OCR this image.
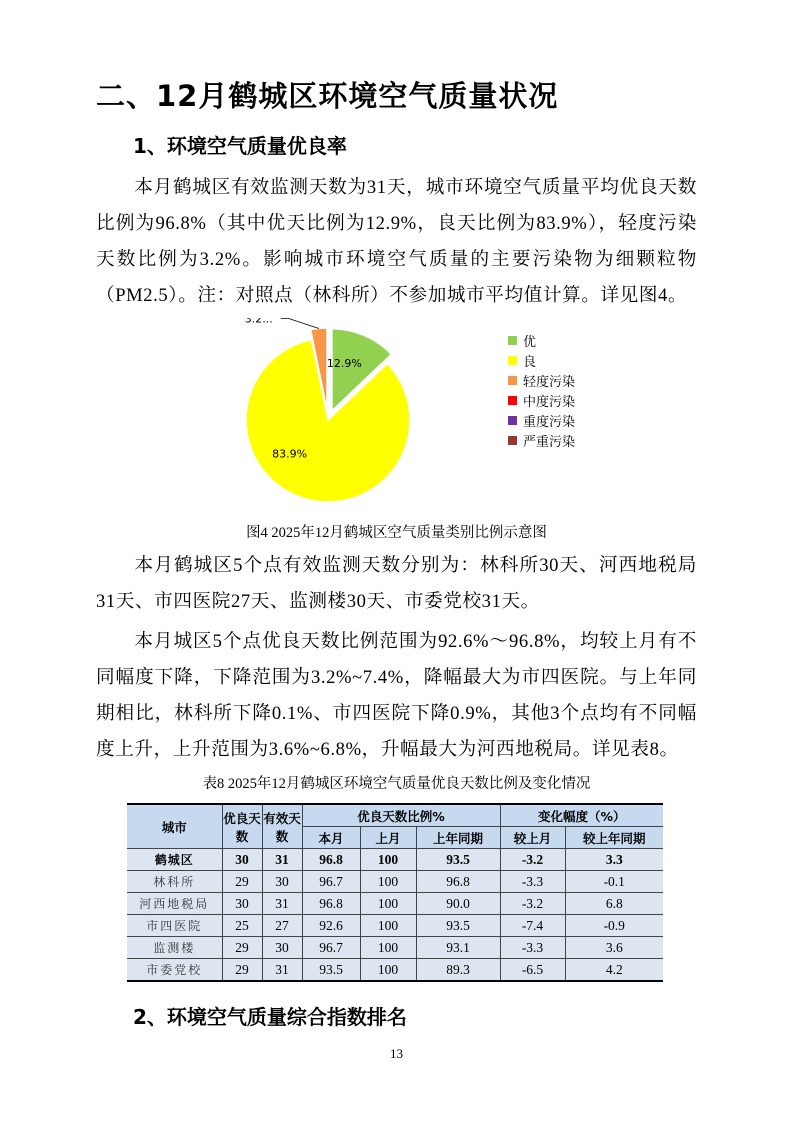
二、12月鹤城区环境空气质量状况
1、环境空气质量优良率
本月鹤城区有效监测天数为31天，城市环境空气质量平均优良天数比例为96.8%（其中优天比例为12.9%，良天比例为83.9%），轻度污染天数比例为3.2%。影响城市环境空气质量的主要污染物为细颗粒物（PM2.5）。注：对照点（林科所）不参加城市平均值计算。详见图4。
12.9%
83.9%
3.2...
优
良
轻度污染
中度污染
重度污染
严重污染
图4 2025年12月鹤城区空气质量类别比例示意图
本月鹤城区5个点有效监测天数分别为：林科所30天、河西地税局31天、市四医院27天、监测楼30天、市委党校31天。
本月城区5个点优良天数比例范围为92.6%～96.8%，均较上月有不同幅度下降，下降范围为3.2%~7.4%，降幅最大为市四医院。与上年同期相比，林科所下降0.1%、市四医院下降0.9%，其他3个点均有不同幅度上升，上升范围为3.6%~6.8%，升幅最大为河西地税局。详见表8。
表8 2025年12月鹤城区环境空气质量优良天数比例及变化情况
城市	优良天数	有效天数	优良天数比例%			变化幅度（%）	
			本月	上月	上年同期	较上月	较上年同期
鹤城区	30	31	96.8	100	93.5	-3.2	3.3
林科所	29	30	96.7	100	96.8	-3.3	-0.1
河西地税局	30	31	96.8	100	90.0	-3.2	6.8
市四医院	25	27	92.6	100	93.5	-7.4	-0.9
监测楼	29	30	96.7	100	93.1	-3.3	3.6
市委党校	29	31	93.5	100	89.3	-6.5	4.2
2、环境空气质量综合指数排名
13
